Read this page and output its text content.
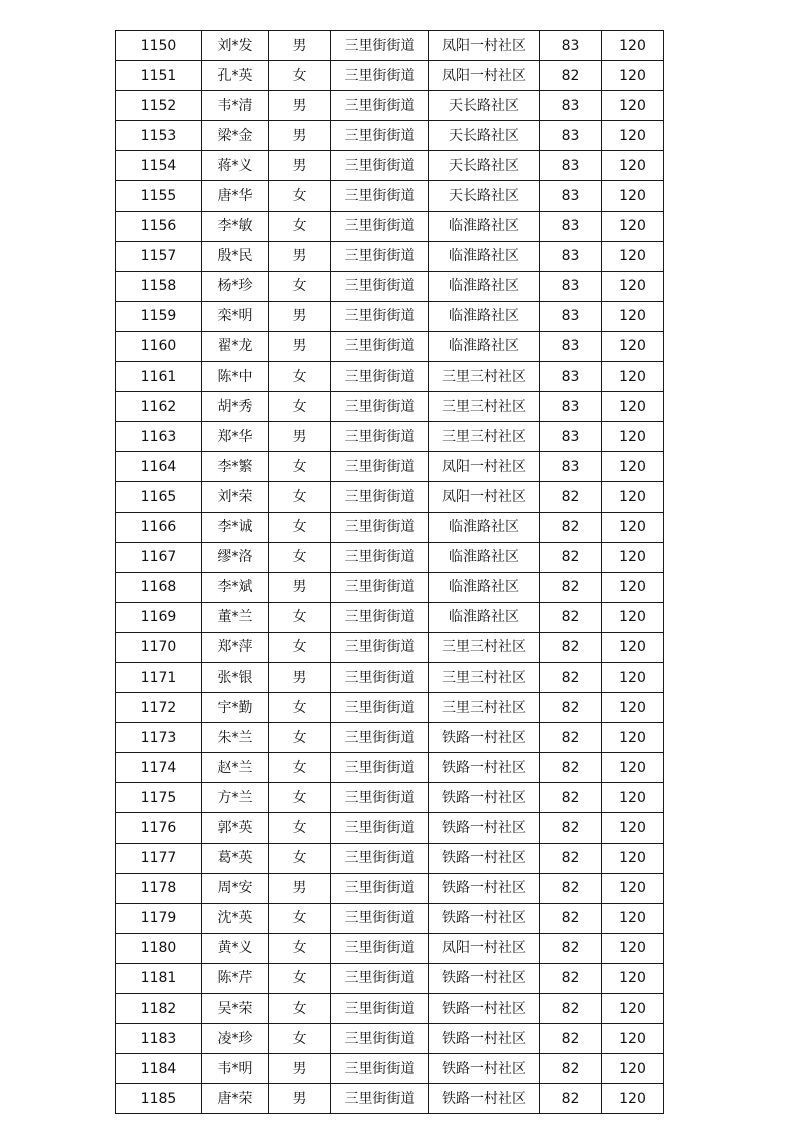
1150	刘*发	男	三里街街道	凤阳一村社区	83	120
1151	孔*英	女	三里街街道	凤阳一村社区	82	120
1152	韦*清	男	三里街街道	天长路社区	83	120
1153	梁*金	男	三里街街道	天长路社区	83	120
1154	蒋*义	男	三里街街道	天长路社区	83	120
1155	唐*华	女	三里街街道	天长路社区	83	120
1156	李*敏	女	三里街街道	临淮路社区	83	120
1157	殷*民	男	三里街街道	临淮路社区	83	120
1158	杨*珍	女	三里街街道	临淮路社区	83	120
1159	栾*明	男	三里街街道	临淮路社区	83	120
1160	翟*龙	男	三里街街道	临淮路社区	83	120
1161	陈*中	女	三里街街道	三里三村社区	83	120
1162	胡*秀	女	三里街街道	三里三村社区	83	120
1163	郑*华	男	三里街街道	三里三村社区	83	120
1164	李*繁	女	三里街街道	凤阳一村社区	83	120
1165	刘*荣	女	三里街街道	凤阳一村社区	82	120
1166	李*诚	女	三里街街道	临淮路社区	82	120
1167	缪*洛	女	三里街街道	临淮路社区	82	120
1168	李*斌	男	三里街街道	临淮路社区	82	120
1169	董*兰	女	三里街街道	临淮路社区	82	120
1170	郑*萍	女	三里街街道	三里三村社区	82	120
1171	张*银	男	三里街街道	三里三村社区	82	120
1172	宇*勤	女	三里街街道	三里三村社区	82	120
1173	朱*兰	女	三里街街道	铁路一村社区	82	120
1174	赵*兰	女	三里街街道	铁路一村社区	82	120
1175	方*兰	女	三里街街道	铁路一村社区	82	120
1176	郭*英	女	三里街街道	铁路一村社区	82	120
1177	葛*英	女	三里街街道	铁路一村社区	82	120
1178	周*安	男	三里街街道	铁路一村社区	82	120
1179	沈*英	女	三里街街道	铁路一村社区	82	120
1180	黄*义	女	三里街街道	凤阳一村社区	82	120
1181	陈*芹	女	三里街街道	铁路一村社区	82	120
1182	吴*荣	女	三里街街道	铁路一村社区	82	120
1183	凌*珍	女	三里街街道	铁路一村社区	82	120
1184	韦*明	男	三里街街道	铁路一村社区	82	120
1185	唐*荣	男	三里街街道	铁路一村社区	82	120
